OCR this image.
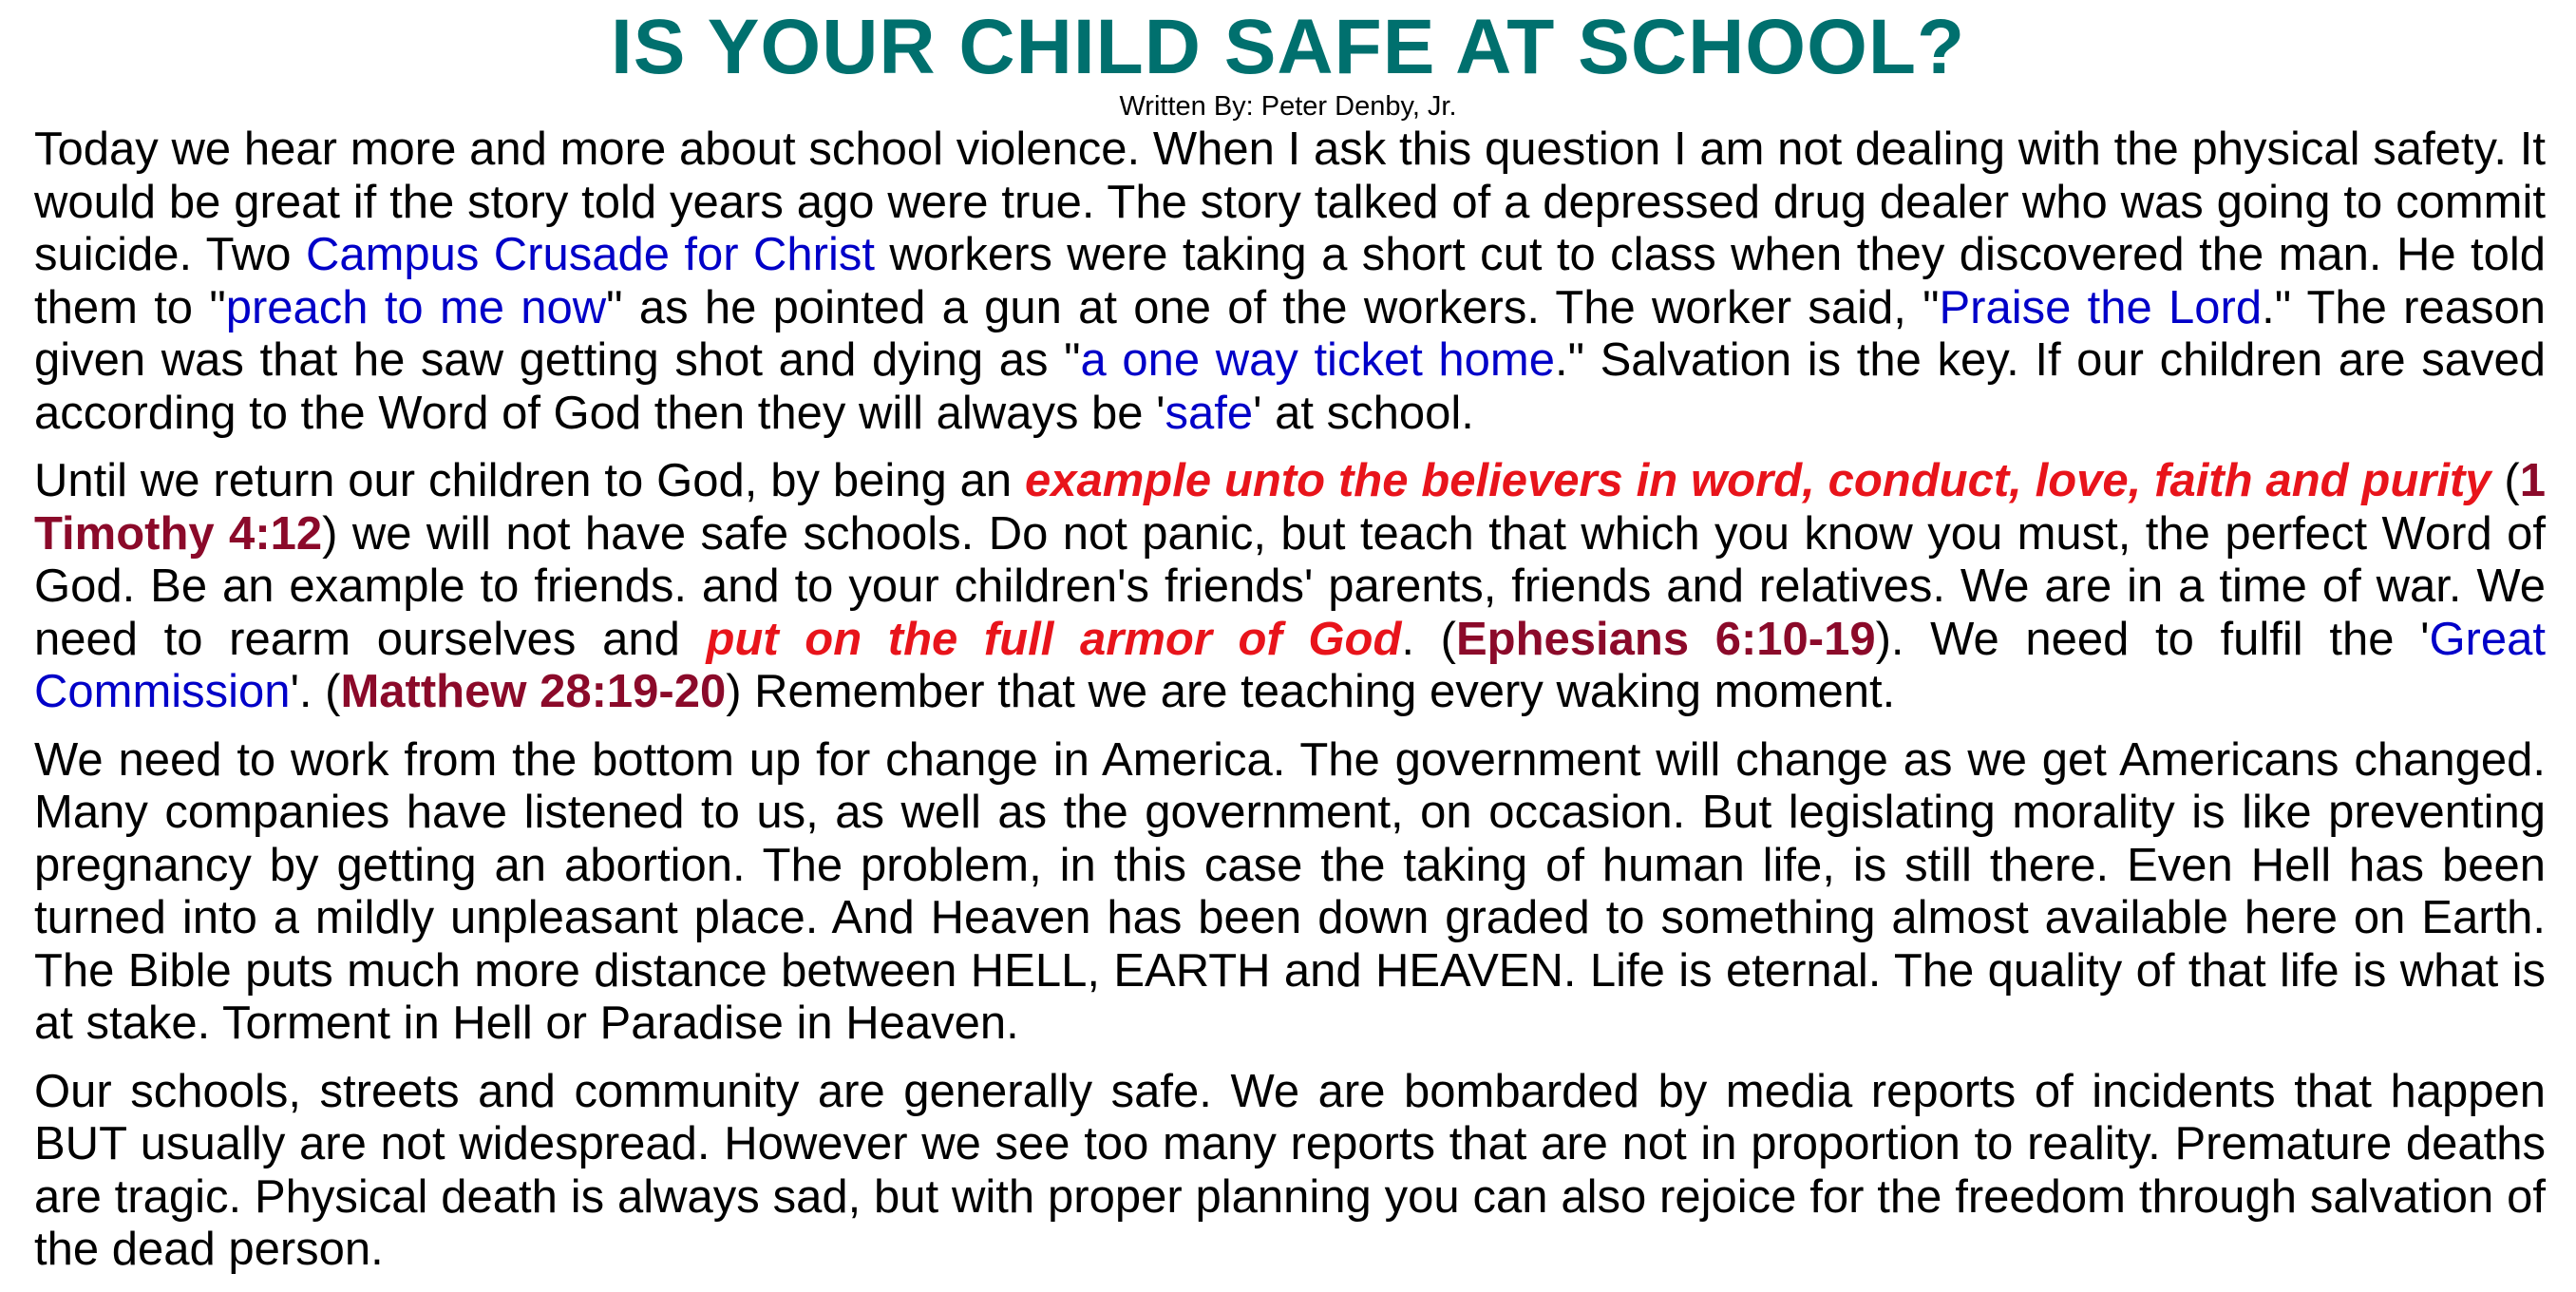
IS YOUR CHILD SAFE AT SCHOOL?
Written By: Peter Denby, Jr.

Today we hear more and more about school violence. When I ask this question I am not dealing with the physical safety. It would be great if the story told years ago were true. The story talked of a depressed drug dealer who was going to commit suicide. Two Campus Crusade for Christ workers were taking a short cut to class when they discovered the man. He told them to "preach to me now" as he pointed a gun at one of the workers. The worker said, "Praise the Lord." The reason given was that he saw getting shot and dying as "a one way ticket home." Salvation is the key. If our children are saved according to the Word of God then they will always be 'safe' at school.

Until we return our children to God, by being an example unto the believers in word, conduct, love, faith and purity (1 Timothy 4:12) we will not have safe schools. Do not panic, but teach that which you know you must, the perfect Word of God. Be an example to friends. and to your children's friends' parents, friends and relatives. We are in a time of war. We need to rearm ourselves and put on the full armor of God. (Ephesians 6:10-19). We need to fulfil the 'Great Commission'. (Matthew 28:19-20) Remember that we are teaching every waking moment.

We need to work from the bottom up for change in America. The government will change as we get Americans changed. Many companies have listened to us, as well as the government, on occasion. But legislating morality is like preventing pregnancy by getting an abortion. The problem, in this case the taking of human life, is still there. Even Hell has been turned into a mildly unpleasant place. And Heaven has been down graded to something almost available here on Earth. The Bible puts much more distance between HELL, EARTH and HEAVEN. Life is eternal. The quality of that life is what is at stake. Torment in Hell or Paradise in Heaven.

Our schools, streets and community are generally safe. We are bombarded by media reports of incidents that happen BUT usually are not widespread. However we see too many reports that are not in proportion to reality. Premature deaths are tragic. Physical death is always sad, but with proper planning you can also rejoice for the freedom through salvation of the dead person.
